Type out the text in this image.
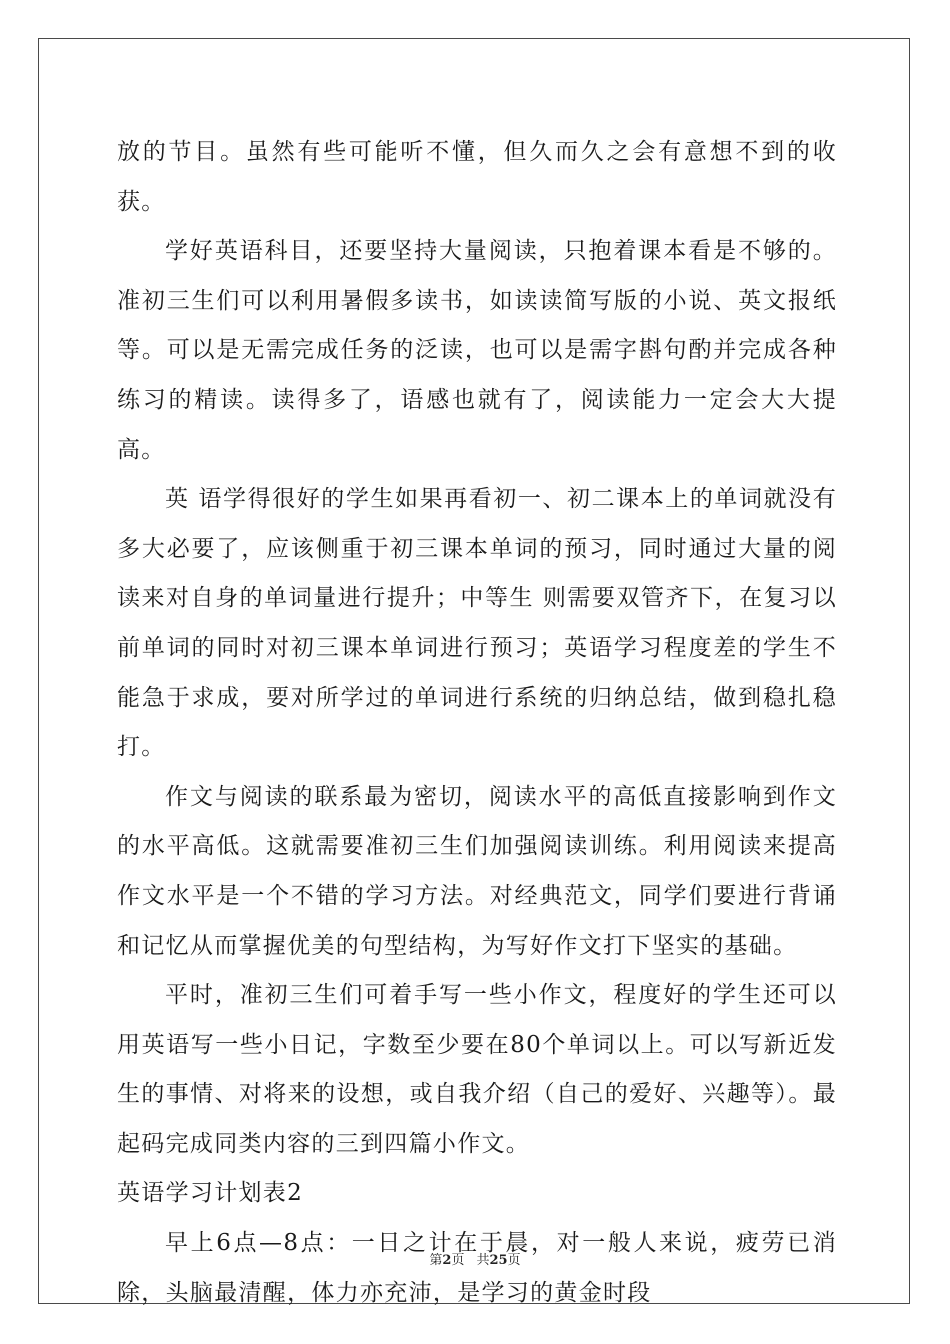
放的节目。虽然有些可能听不懂，但久而久之会有意想不到的收获。

学好英语科目，还要坚持大量阅读，只抱着课本看是不够的。准初三生们可以利用暑假多读书，如读读简写版的小说、英文报纸等。可以是无需完成任务的泛读，也可以是需字斟句酌并完成各种练习的精读。读得多了，语感也就有了，阅读能力一定会大大提高。

英 语学得很好的学生如果再看初一、初二课本上的单词就没有多大必要了，应该侧重于初三课本单词的预习，同时通过大量的阅读来对自身的单词量进行提升；中等生 则需要双管齐下，在复习以前单词的同时对初三课本单词进行预习；英语学习程度差的学生不能急于求成，要对所学过的单词进行系统的归纳总结，做到稳扎稳打。

作文与阅读的联系最为密切，阅读水平的高低直接影响到作文的水平高低。这就需要准初三生们加强阅读训练。利用阅读来提高作文水平是一个不错的学习方法。对经典范文，同学们要进行背诵和记忆从而掌握优美的句型结构，为写好作文打下坚实的基础。

平时，准初三生们可着手写一些小作文，程度好的学生还可以用英语写一些小日记，字数至少要在80个单词以上。可以写新近发生的事情、对将来的设想，或自我介绍（自己的爱好、兴趣等）。最起码完成同类内容的三到四篇小作文。

英语学习计划表2

早上6点—8点：一日之计在于晨，对一般人来说，疲劳已消除，头脑最清醒，体力亦充沛，是学习的黄金时段

第2页 共25页
